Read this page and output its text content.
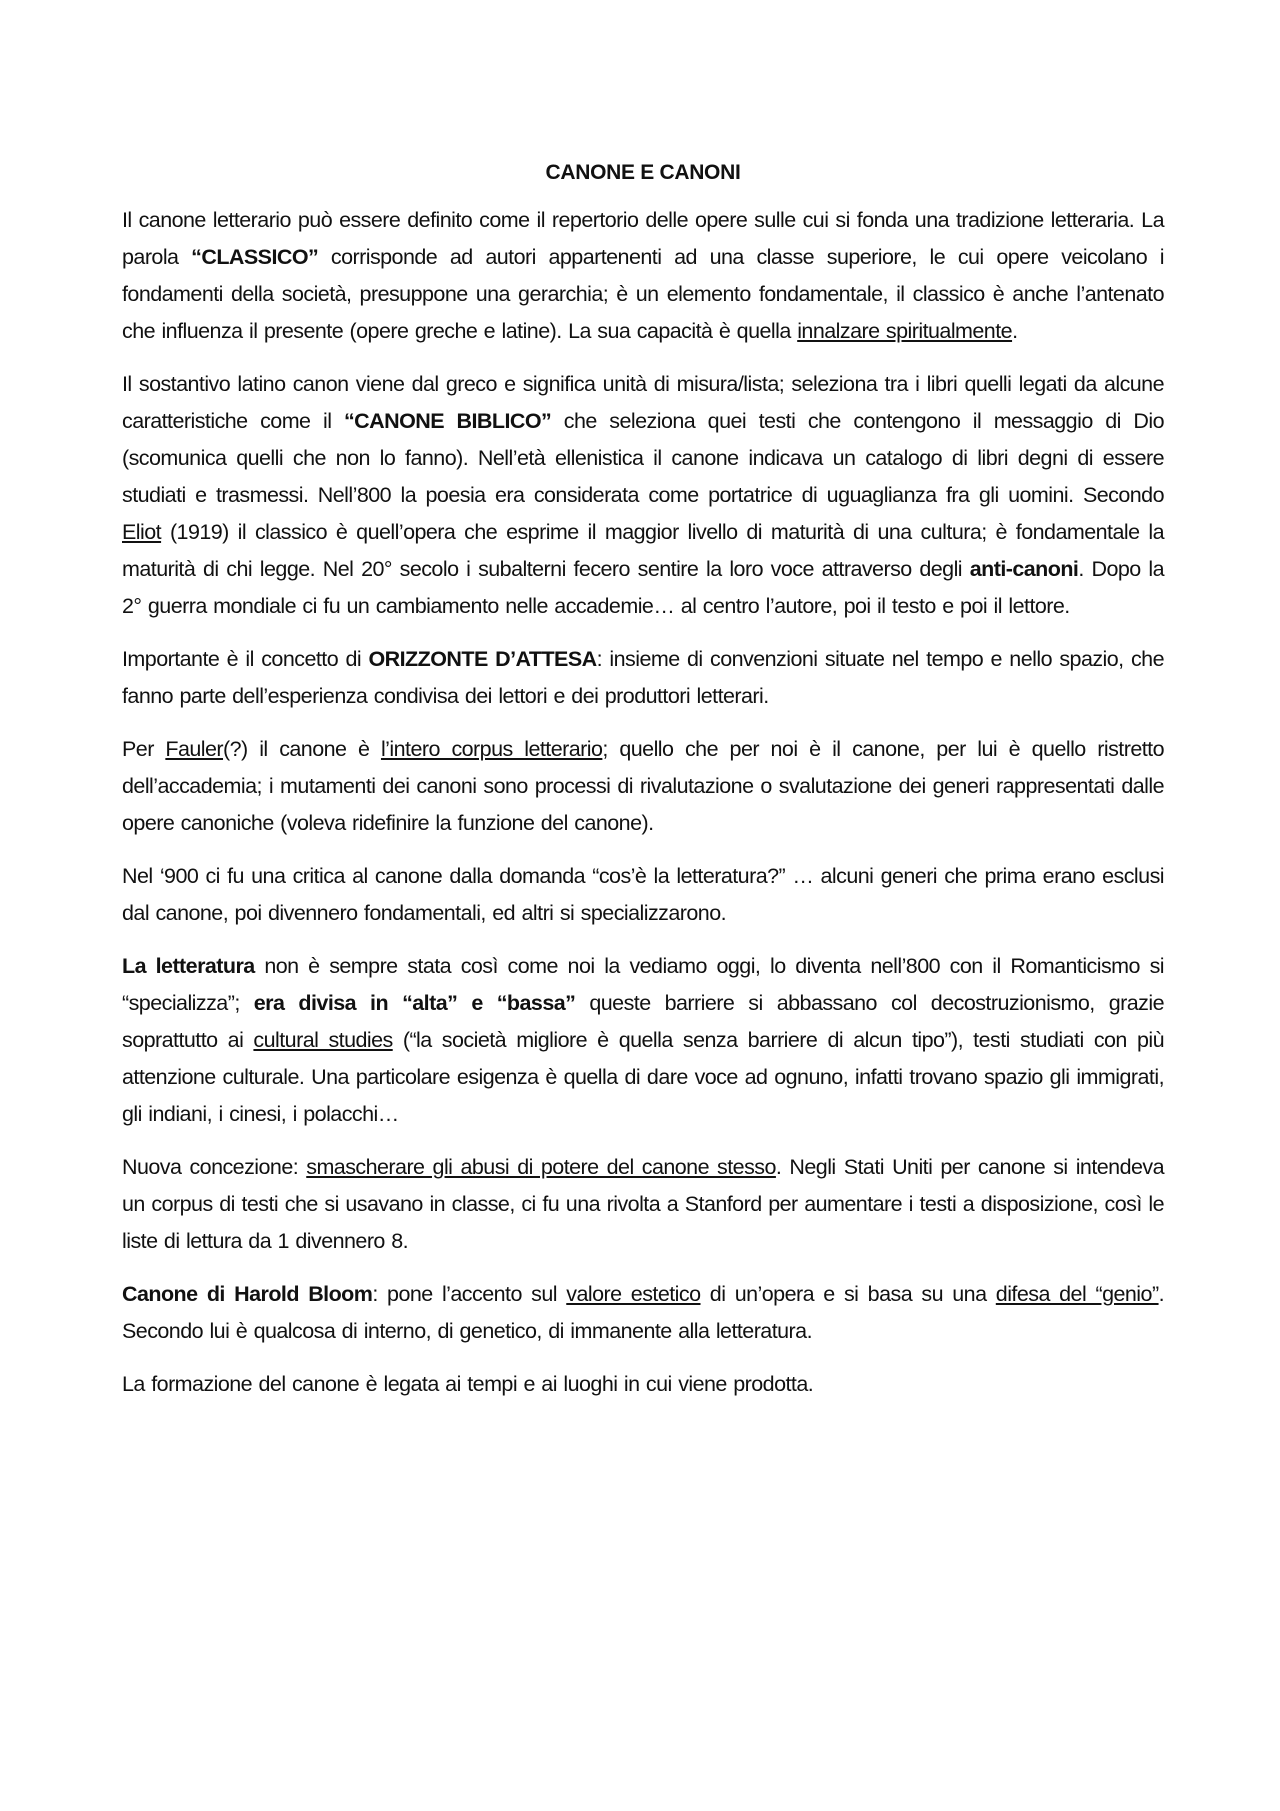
CANONE E CANONI

Il canone letterario può essere definito come il repertorio delle opere sulle cui si fonda una tradizione letteraria. La parola “CLASSICO” corrisponde ad autori appartenenti ad una classe superiore, le cui opere veicolano i fondamenti della società, presuppone una gerarchia; è un elemento fondamentale, il classico è anche l’antenato che influenza il presente (opere greche e latine). La sua capacità è quella innalzare spiritualmente.

Il sostantivo latino canon viene dal greco e significa unità di misura/lista; seleziona tra i libri quelli legati da alcune caratteristiche come il “CANONE BIBLICO” che seleziona quei testi che contengono il messaggio di Dio (scomunica quelli che non lo fanno). Nell’età ellenistica il canone indicava un catalogo di libri degni di essere studiati e trasmessi. Nell’800 la poesia era considerata come portatrice di uguaglianza fra gli uomini. Secondo Eliot (1919) il classico è quell’opera che esprime il maggior livello di maturità di una cultura; è fondamentale la maturità di chi legge. Nel 20° secolo i subalterni fecero sentire la loro voce attraverso degli anti-canoni. Dopo la 2° guerra mondiale ci fu un cambiamento nelle accademie… al centro l’autore, poi il testo e poi il lettore.

Importante è il concetto di ORIZZONTE D’ATTESA: insieme di convenzioni situate nel tempo e nello spazio, che fanno parte dell’esperienza condivisa dei lettori e dei produttori letterari.

Per Fauler(?) il canone è l’intero corpus letterario; quello che per noi è il canone, per lui è quello ristretto dell’accademia; i mutamenti dei canoni sono processi di rivalutazione o svalutazione dei generi rappresentati dalle opere canoniche (voleva ridefinire la funzione del canone).

Nel ‘900 ci fu una critica al canone dalla domanda “cos’è la letteratura?” … alcuni generi che prima erano esclusi dal canone, poi divennero fondamentali, ed altri si specializzarono.

La letteratura non è sempre stata così come noi la vediamo oggi, lo diventa nell’800 con il Romanticismo si “specializza”; era divisa in “alta” e “bassa” queste barriere si abbassano col decostruzionismo, grazie soprattutto ai cultural studies (“la società migliore è quella senza barriere di alcun tipo”), testi studiati con più attenzione culturale. Una particolare esigenza è quella di dare voce ad ognuno, infatti trovano spazio gli immigrati, gli indiani, i cinesi, i polacchi…

Nuova concezione: smascherare gli abusi di potere del canone stesso. Negli Stati Uniti per canone si intendeva un corpus di testi che si usavano in classe, ci fu una rivolta a Stanford per aumentare i testi a disposizione, così le liste di lettura da 1 divennero 8.

Canone di Harold Bloom: pone l’accento sul valore estetico di un’opera e si basa su una difesa del “genio”. Secondo lui è qualcosa di interno, di genetico, di immanente alla letteratura.

La formazione del canone è legata ai tempi e ai luoghi in cui viene prodotta.
